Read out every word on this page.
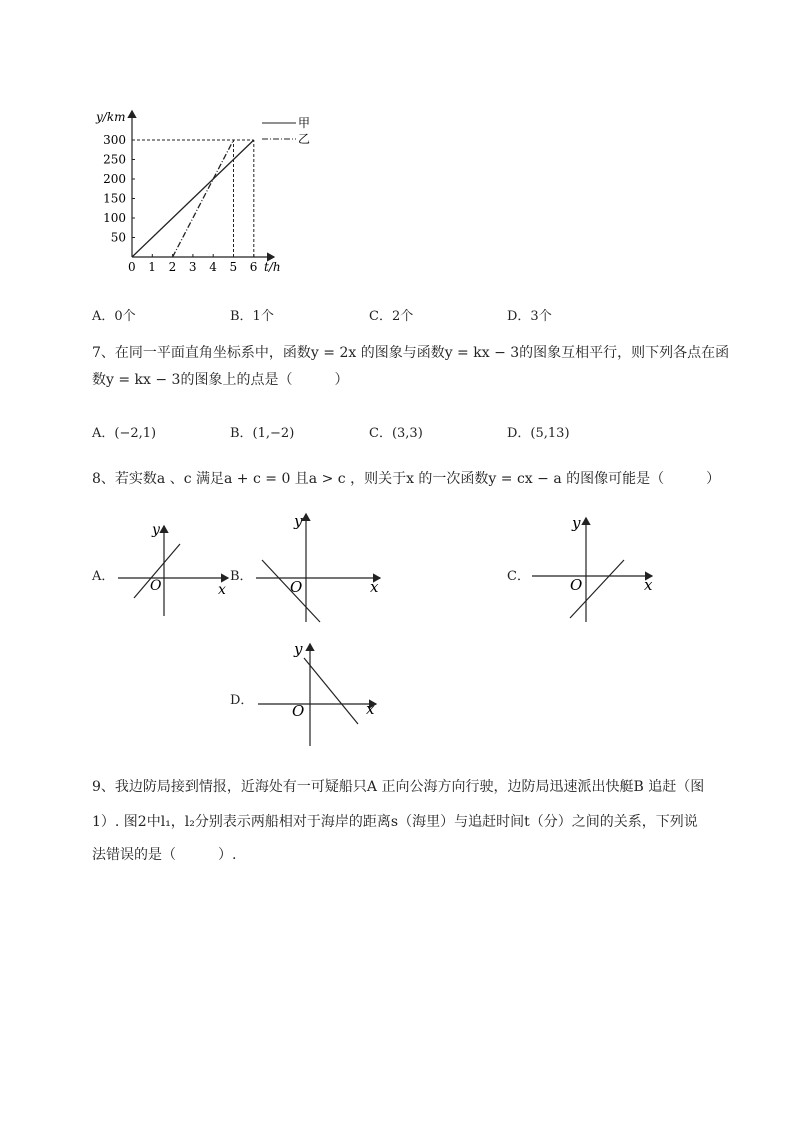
1 2 3 4 5 6
50
100
150
200
250
300
y/km
t/h
0
甲
乙
A．0个	B．1个	C．2个	D．3个
7、在同一平面直角坐标系中，函数y = 2x 的图象与函数y = kx − 3的图象互相平行，则下列各点在函
数y = kx − 3的图象上的点是（　　　）
A．(−2,1)	B．(1,−2)	C．(3,3)	D．(5,13)
8、若实数a 、c 满足a + c = 0 且a > c ，则关于x 的一次函数y = cx − a 的图像可能是（　　　）
A．
y
x
O
B．
y
x
O
C．
y
x
O
D．
y
x
O
9、我边防局接到情报，近海处有一可疑船只A 正向公海方向行驶，边防局迅速派出快艇B 追赶（图
1）. 图2中l₁，l₂分别表示两船相对于海岸的距离s（海里）与追赶时间t（分）之间的关系，下列说
法错误的是（　　　）.
